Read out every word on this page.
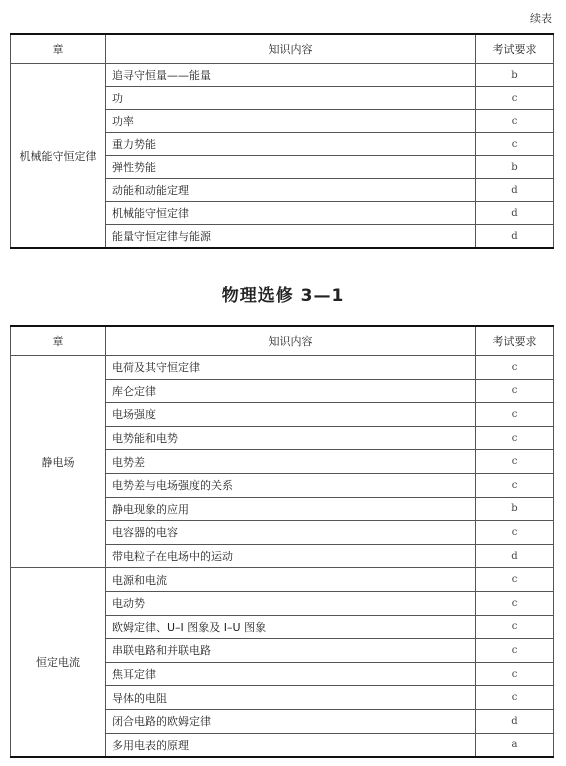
续表
章	知识内容	考试要求
机械能守恒定律	追寻守恒量——能量	b
	功	c
	功率	c
	重力势能	c
	弹性势能	b
	动能和动能定理	d
	机械能守恒定律	d
	能量守恒定律与能源	d
物理选修 3—1
章	知识内容	考试要求
静电场	电荷及其守恒定律	c
	库仑定律	c
	电场强度	c
	电势能和电势	c
	电势差	c
	电势差与电场强度的关系	c
	静电现象的应用	b
	电容器的电容	c
	带电粒子在电场中的运动	d
恒定电流	电源和电流	c
	电动势	c
	欧姆定律、U–I 图象及 I–U 图象	c
	串联电路和并联电路	c
	焦耳定律	c
	导体的电阻	c
	闭合电路的欧姆定律	d
	多用电表的原理	a
